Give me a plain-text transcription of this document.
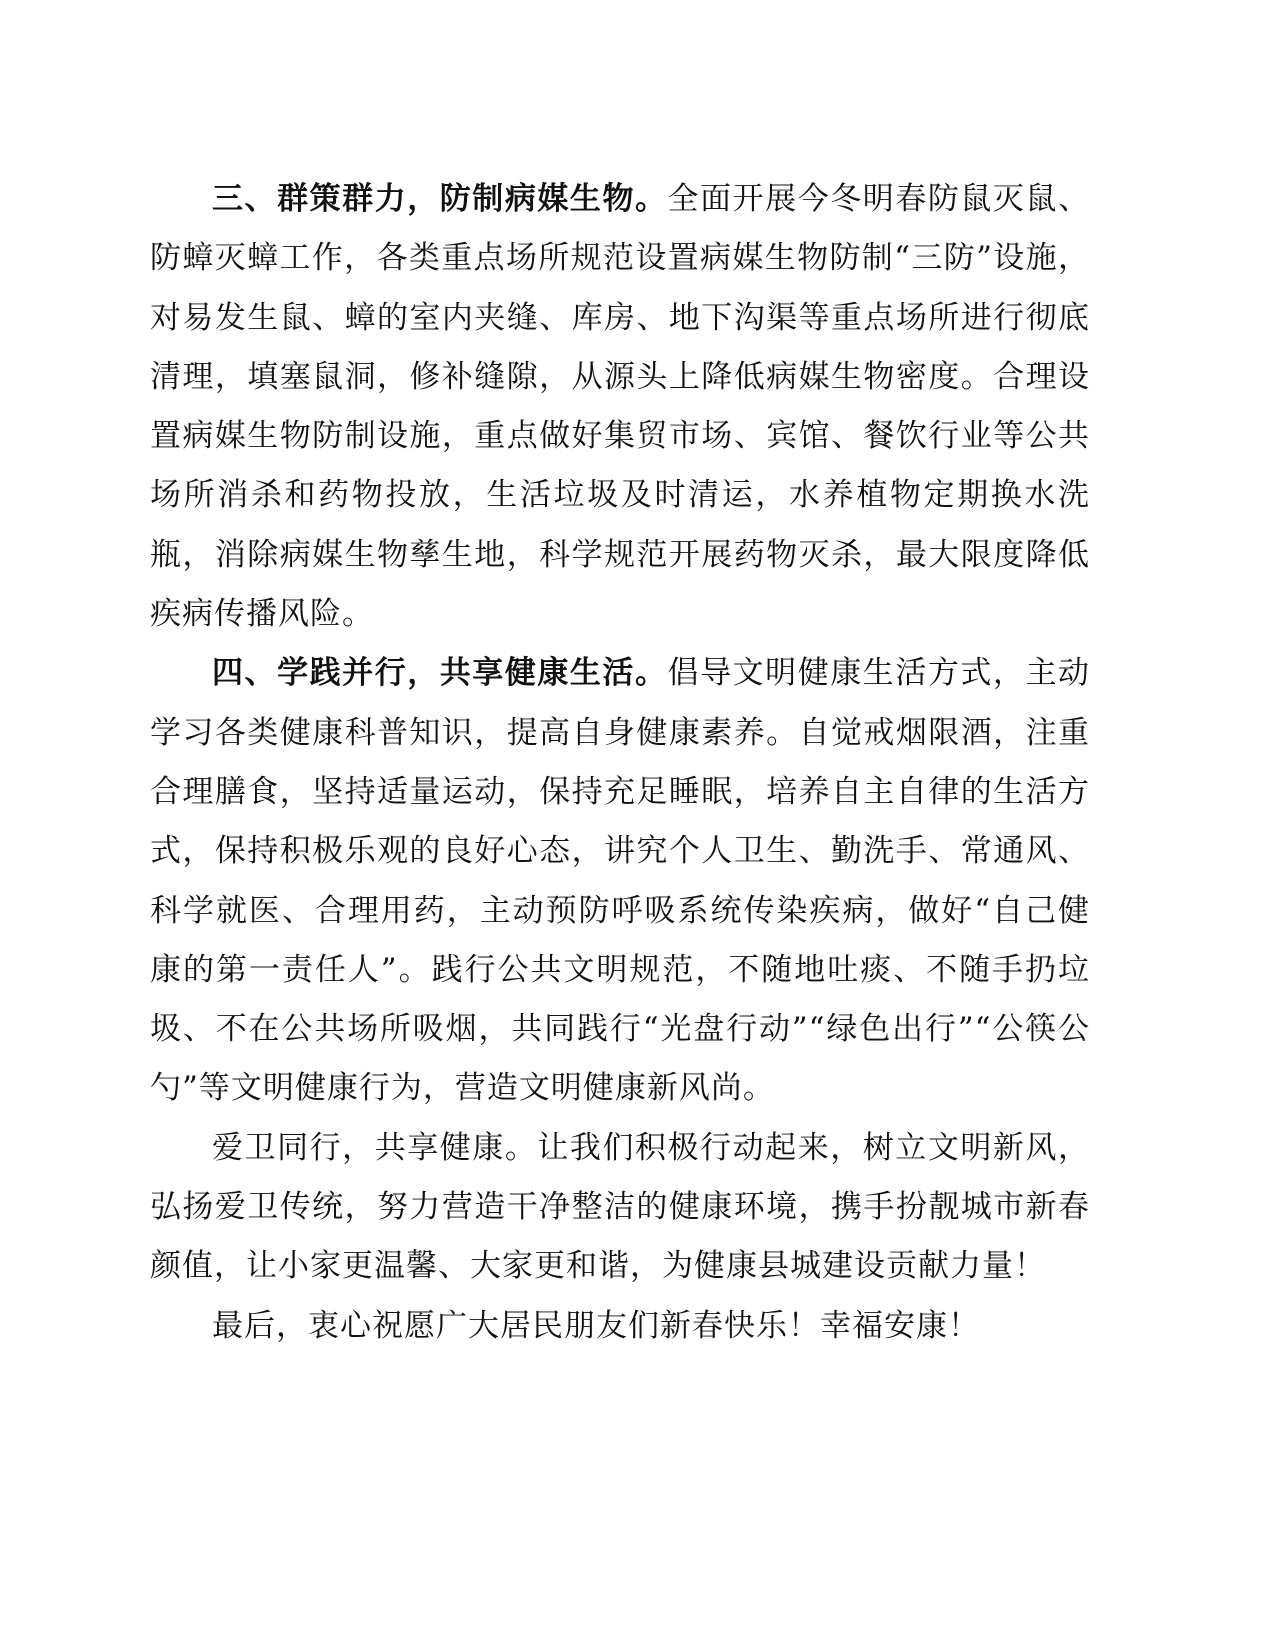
三、群策群力，防制病媒生物。全面开展今冬明春防鼠灭鼠、防蟑灭蟑工作，各类重点场所规范设置病媒生物防制“三防”设施，对易发生鼠、蟑的室内夹缝、库房、地下沟渠等重点场所进行彻底清理，填塞鼠洞，修补缝隙，从源头上降低病媒生物密度。合理设置病媒生物防制设施，重点做好集贸市场、宾馆、餐饮行业等公共场所消杀和药物投放，生活垃圾及时清运，水养植物定期换水洗瓶，消除病媒生物孳生地，科学规范开展药物灭杀，最大限度降低疾病传播风险。

四、学践并行，共享健康生活。倡导文明健康生活方式，主动学习各类健康科普知识，提高自身健康素养。自觉戒烟限酒，注重合理膳食，坚持适量运动，保持充足睡眠，培养自主自律的生活方式，保持积极乐观的良好心态，讲究个人卫生、勤洗手、常通风、科学就医、合理用药，主动预防呼吸系统传染疾病，做好“自己健康的第一责任人”。践行公共文明规范，不随地吐痰、不随手扔垃圾、不在公共场所吸烟，共同践行“光盘行动”“绿色出行”“公筷公勺”等文明健康行为，营造文明健康新风尚。

爱卫同行，共享健康。让我们积极行动起来，树立文明新风，弘扬爱卫传统，努力营造干净整洁的健康环境，携手扮靓城市新春颜值，让小家更温馨、大家更和谐，为健康县城建设贡献力量！

最后，衷心祝愿广大居民朋友们新春快乐！幸福安康！
